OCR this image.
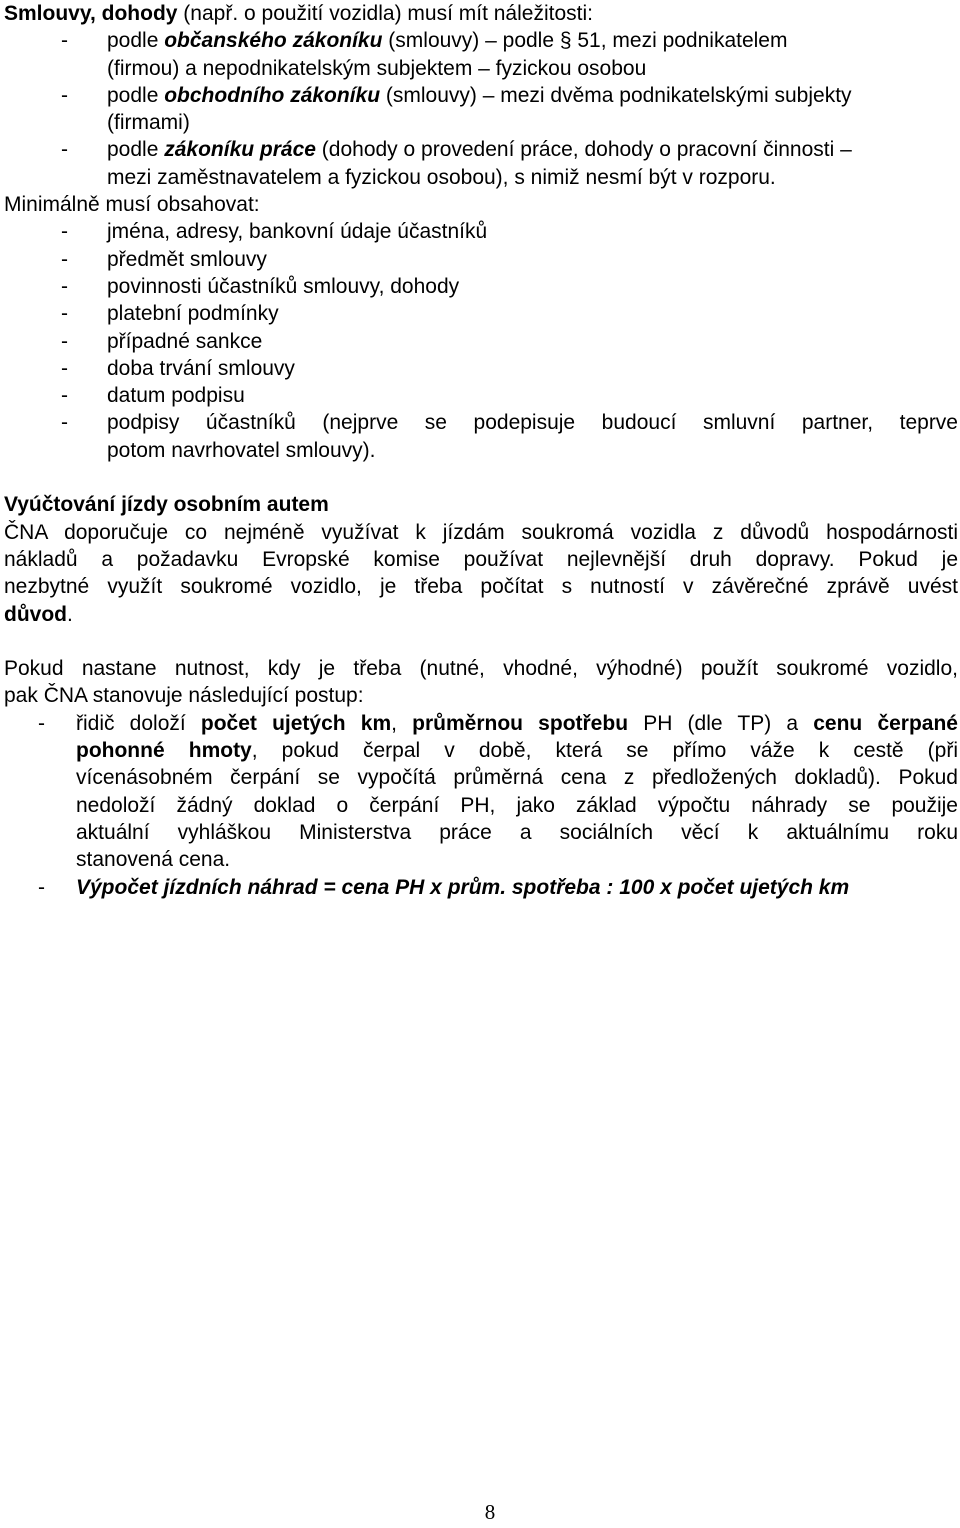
Smlouvy, dohody (např. o použití vozidla) musí mít náležitosti:
- podle občanského zákoníku (smlouvy) – podle § 51, mezi podnikatelem
(firmou) a nepodnikatelským subjektem – fyzickou osobou
- podle obchodního zákoníku (smlouvy) – mezi dvěma podnikatelskými subjekty
(firmami)
- podle zákoníku práce (dohody o provedení práce, dohody o pracovní činnosti –
mezi zaměstnavatelem a fyzickou osobou), s nimiž nesmí být v rozporu.
Minimálně musí obsahovat:
- jména, adresy, bankovní údaje účastníků
- předmět smlouvy
- povinnosti účastníků smlouvy, dohody
- platební podmínky
- případné sankce
- doba trvání smlouvy
- datum podpisu
- podpisy účastníků (nejprve se podepisuje budoucí smluvní partner, teprve
potom navrhovatel smlouvy).
Vyúčtování jízdy osobním autem
ČNA doporučuje co nejméně využívat k jízdám soukromá vozidla z důvodů hospodárnosti
nákladů a požadavku Evropské komise používat nejlevnější druh dopravy. Pokud je
nezbytné využít soukromé vozidlo, je třeba počítat s nutností v závěrečné zprávě uvést
důvod.
Pokud nastane nutnost, kdy je třeba (nutné, vhodné, výhodné) použít soukromé vozidlo,
pak ČNA stanovuje následující postup:
- řidič doloží počet ujetých km, průměrnou spotřebu PH (dle TP) a cenu čerpané
pohonné hmoty, pokud čerpal v době, která se přímo váže k cestě (při
vícenásobném čerpání se vypočítá průměrná cena z předložených dokladů). Pokud
nedoloží žádný doklad o čerpání PH, jako základ výpočtu náhrady se použije
aktuální vyhláškou Ministerstva práce a sociálních věcí k aktuálnímu roku
stanovená cena.
- Výpočet jízdních náhrad = cena PH x prům. spotřeba : 100 x počet ujetých km
8
